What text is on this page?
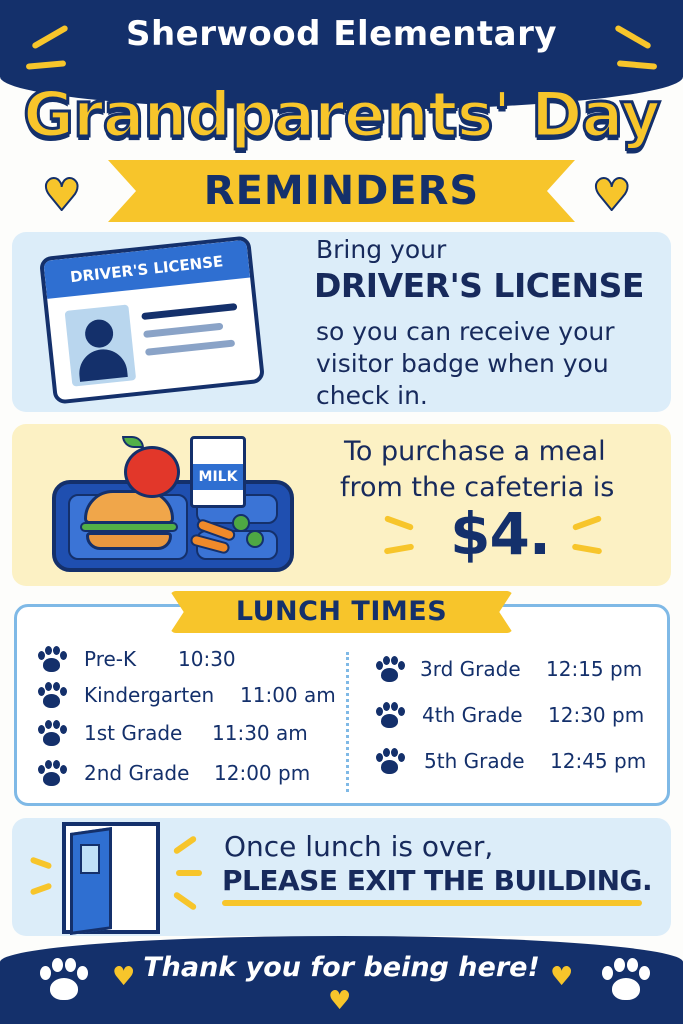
Sherwood Elementary
Grandparents' Day
♥	♥
REMINDERS
DRIVER'S LICENSE
Bring your
DRIVER'S LICENSE
so you can receive your
visitor badge when you
check in.
MILK
To purchase a meal
from the cafeteria is
$4.
LUNCH TIMES
Pre-K 10:30
Kindergarten 11:00 am
1st Grade 11:30 am
2nd Grade 12:00 pm
3rd Grade 12:15 pm
4th Grade 12:30 pm
5th Grade 12:45 pm
Once lunch is over,
PLEASE EXIT THE BUILDING.
♥	♥
♥
Thank you for being here!
